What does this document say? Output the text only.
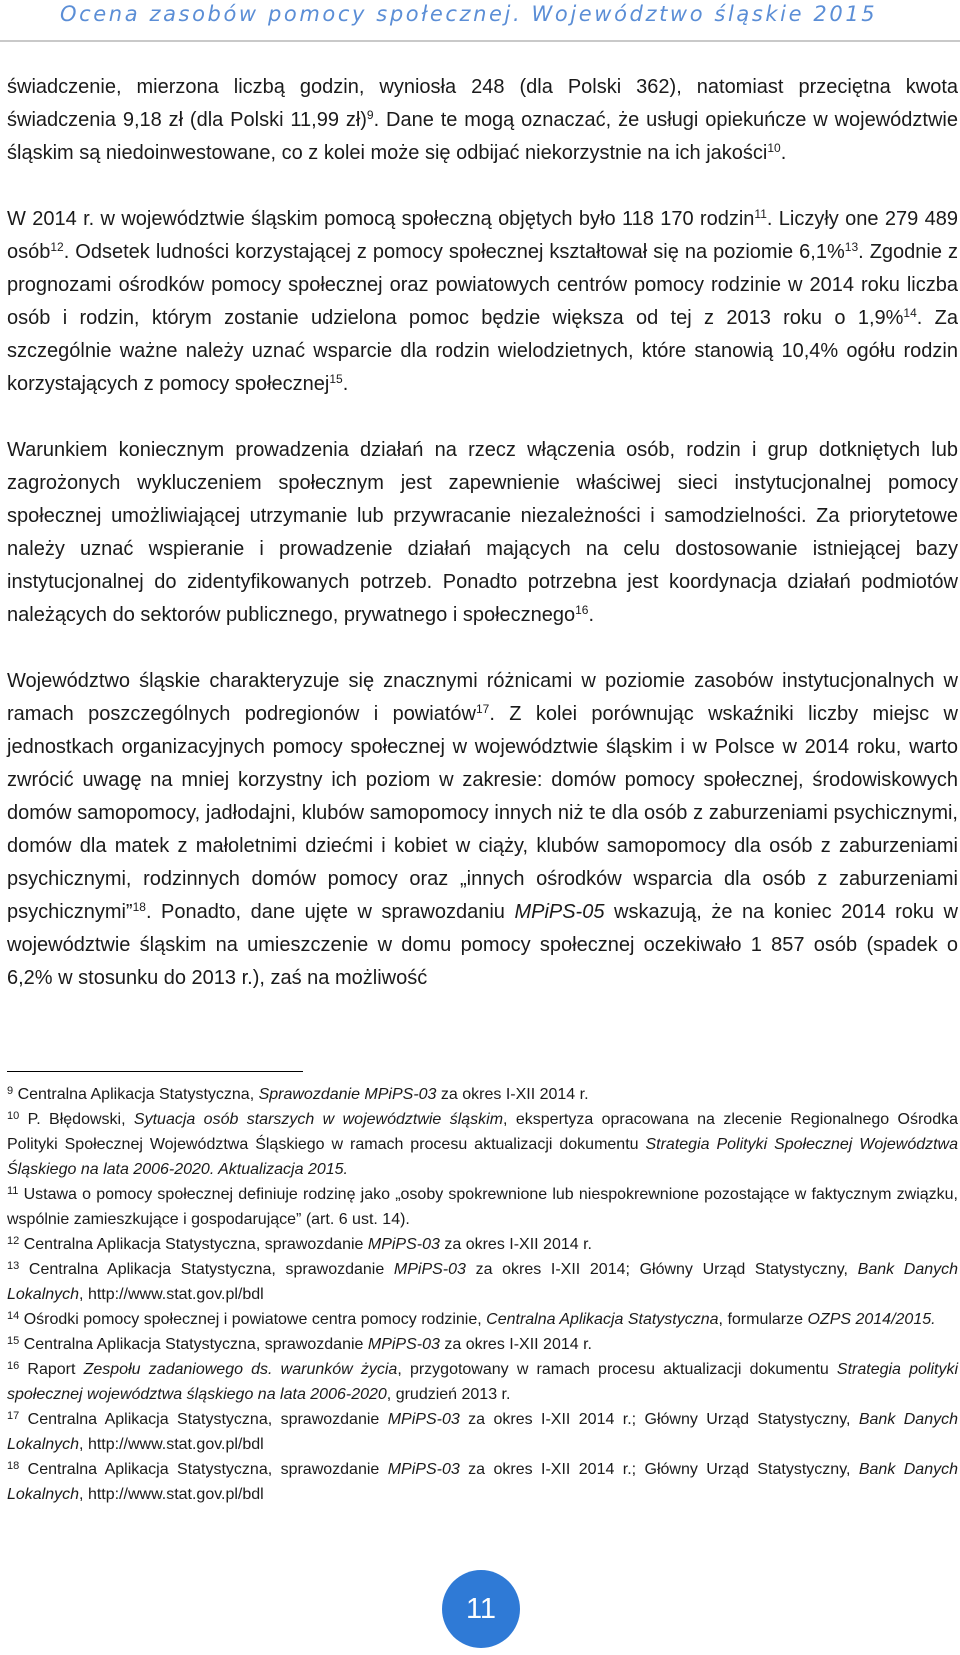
Ocena zasobów pomocy społecznej. Województwo śląskie 2015

świadczenie, mierzona liczbą godzin, wyniosła 248 (dla Polski 362), natomiast przeciętna kwota świadczenia 9,18 zł (dla Polski 11,99 zł)$^9$. Dane te mogą oznaczać, że usługi opiekuńcze w województwie śląskim są niedoinwestowane, co z kolei może się odbijać niekorzystnie na ich jakości$^{10}$.

W 2014 r. w województwie śląskim pomocą społeczną objętych było 118 170 rodzin$^{11}$. Liczyły one 279 489 osób$^{12}$. Odsetek ludności korzystającej z pomocy społecznej kształtował się na poziomie 6,1%$^{13}$. Zgodnie z prognozami ośrodków pomocy społecznej oraz powiatowych centrów pomocy rodzinie w 2014 roku liczba osób i rodzin, którym zostanie udzielona pomoc będzie większa od tej z 2013 roku o 1,9%$^{14}$. Za szczególnie ważne należy uznać wsparcie dla rodzin wielodzietnych, które stanowią 10,4% ogółu rodzin korzystających z pomocy społecznej$^{15}$.

Warunkiem koniecznym prowadzenia działań na rzecz włączenia osób, rodzin i grup dotkniętych lub zagrożonych wykluczeniem społecznym jest zapewnienie właściwej sieci instytucjonalnej pomocy społecznej umożliwiającej utrzymanie lub przywracanie niezależności i samodzielności. Za priorytetowe należy uznać wspieranie i prowadzenie działań mających na celu dostosowanie istniejącej bazy instytucjonalnej do zidentyfikowanych potrzeb. Ponadto potrzebna jest koordynacja działań podmiotów należących do sektorów publicznego, prywatnego i społecznego$^{16}$.

Województwo śląskie charakteryzuje się znacznymi różnicami w poziomie zasobów instytucjonalnych w ramach poszczególnych podregionów i powiatów$^{17}$. Z kolei porównując wskaźniki liczby miejsc w jednostkach organizacyjnych pomocy społecznej w województwie śląskim i w Polsce w 2014 roku, warto zwrócić uwagę na mniej korzystny ich poziom w zakresie: domów pomocy społecznej, środowiskowych domów samopomocy, jadłodajni, klubów samopomocy innych niż te dla osób z zaburzeniami psychicznymi, domów dla matek z małoletnimi dziećmi i kobiet w ciąży, klubów samopomocy dla osób z zaburzeniami psychicznymi, rodzinnych domów pomocy oraz „innych ośrodków wsparcia dla osób z zaburzeniami psychicznymi”$^{18}$. Ponadto, dane ujęte w sprawozdaniu MPiPS-05 wskazują, że na koniec 2014 roku w województwie śląskim na umieszczenie w domu pomocy społecznej oczekiwało 1 857 osób (spadek o 6,2% w stosunku do 2013 r.), zaś na możliwość

$^9$ Centralna Aplikacja Statystyczna, Sprawozdanie MPiPS-03 za okres I-XII 2014 r.

$^{10}$ P. Błędowski, Sytuacja osób starszych w województwie śląskim, ekspertyza opracowana na zlecenie Regionalnego Ośrodka Polityki Społecznej Województwa Śląskiego w ramach procesu aktualizacji dokumentu Strategia Polityki Społecznej Województwa Śląskiego na lata 2006-2020. Aktualizacja 2015.

$^{11}$ Ustawa o pomocy społecznej definiuje rodzinę jako „osoby spokrewnione lub niespokrewnione pozostające w faktycznym związku, wspólnie zamieszkujące i gospodarujące” (art. 6 ust. 14).

$^{12}$ Centralna Aplikacja Statystyczna, sprawozdanie MPiPS-03 za okres I-XII 2014 r.

$^{13}$ Centralna Aplikacja Statystyczna, sprawozdanie MPiPS-03 za okres I-XII 2014; Główny Urząd Statystyczny, Bank Danych Lokalnych, http://www.stat.gov.pl/bdl

$^{14}$ Ośrodki pomocy społecznej i powiatowe centra pomocy rodzinie, Centralna Aplikacja Statystyczna, formularze OZPS 2014/2015.

$^{15}$ Centralna Aplikacja Statystyczna, sprawozdanie MPiPS-03 za okres I-XII 2014 r.

$^{16}$ Raport Zespołu zadaniowego ds. warunków życia, przygotowany w ramach procesu aktualizacji dokumentu Strategia polityki społecznej województwa śląskiego na lata 2006-2020, grudzień 2013 r.

$^{17}$ Centralna Aplikacja Statystyczna, sprawozdanie MPiPS-03 za okres I-XII 2014 r.; Główny Urząd Statystyczny, Bank Danych Lokalnych, http://www.stat.gov.pl/bdl

$^{18}$ Centralna Aplikacja Statystyczna, sprawozdanie MPiPS-03 za okres I-XII 2014 r.; Główny Urząd Statystyczny, Bank Danych Lokalnych, http://www.stat.gov.pl/bdl

11
